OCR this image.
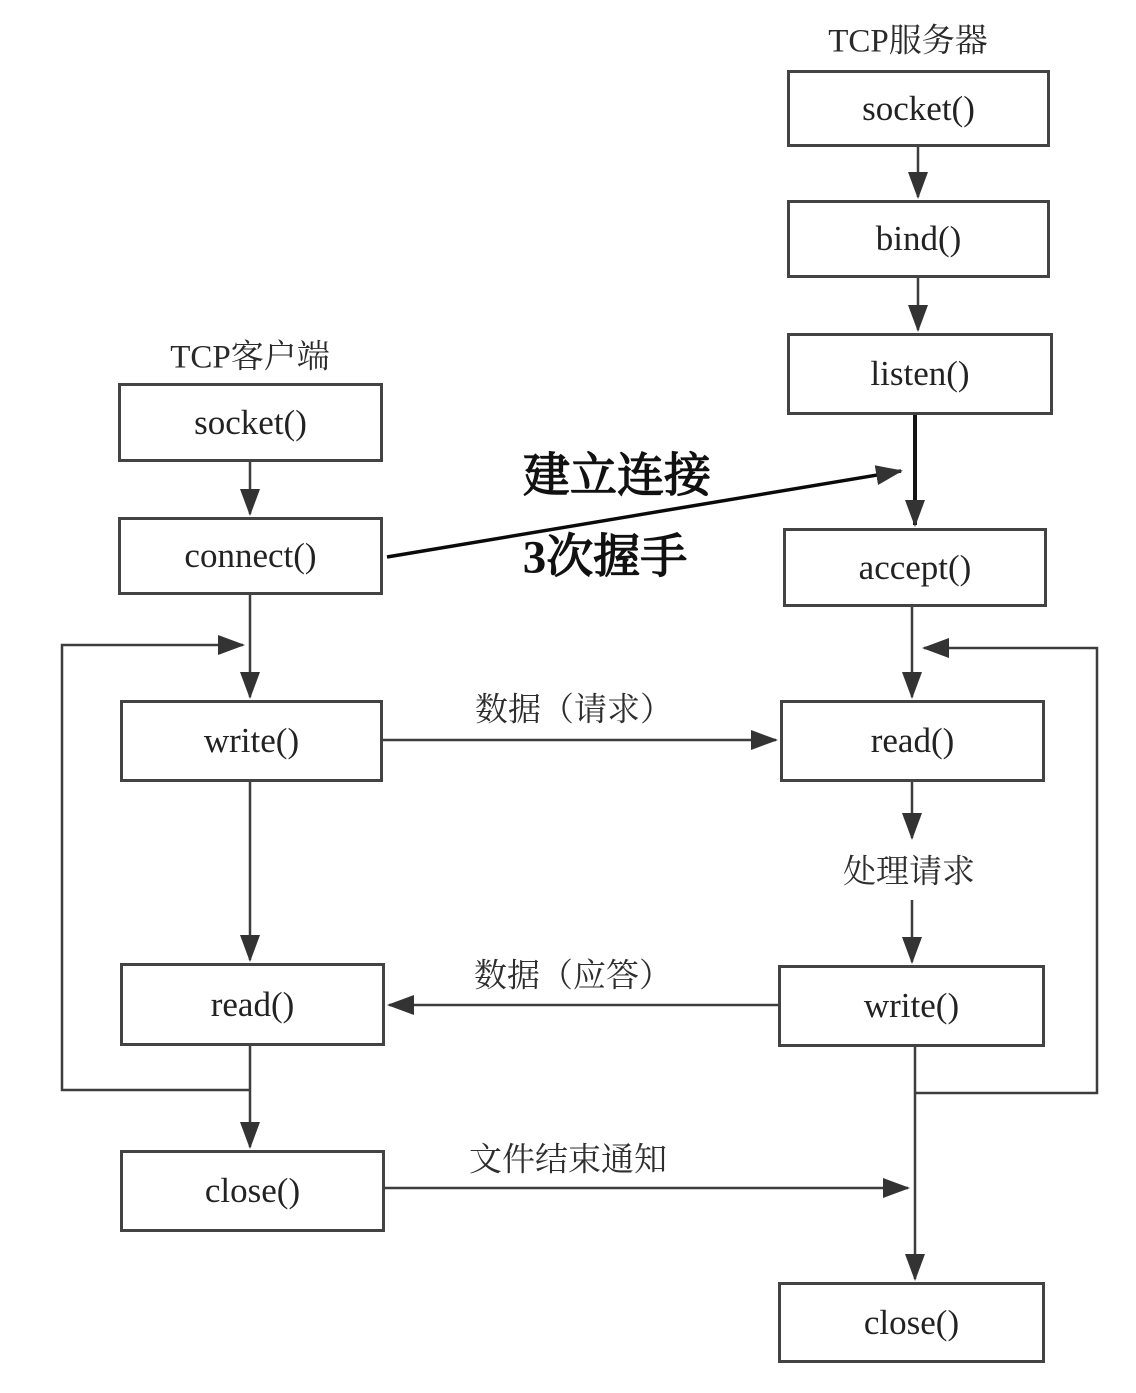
TCP服务器
TCP客户端
socket()
bind()
listen()
accept()
read()
write()
close()
socket()
connect()
write()
read()
close()
建立连接
3次握手
数据（请求）
处理请求
数据（应答）
文件结束通知
